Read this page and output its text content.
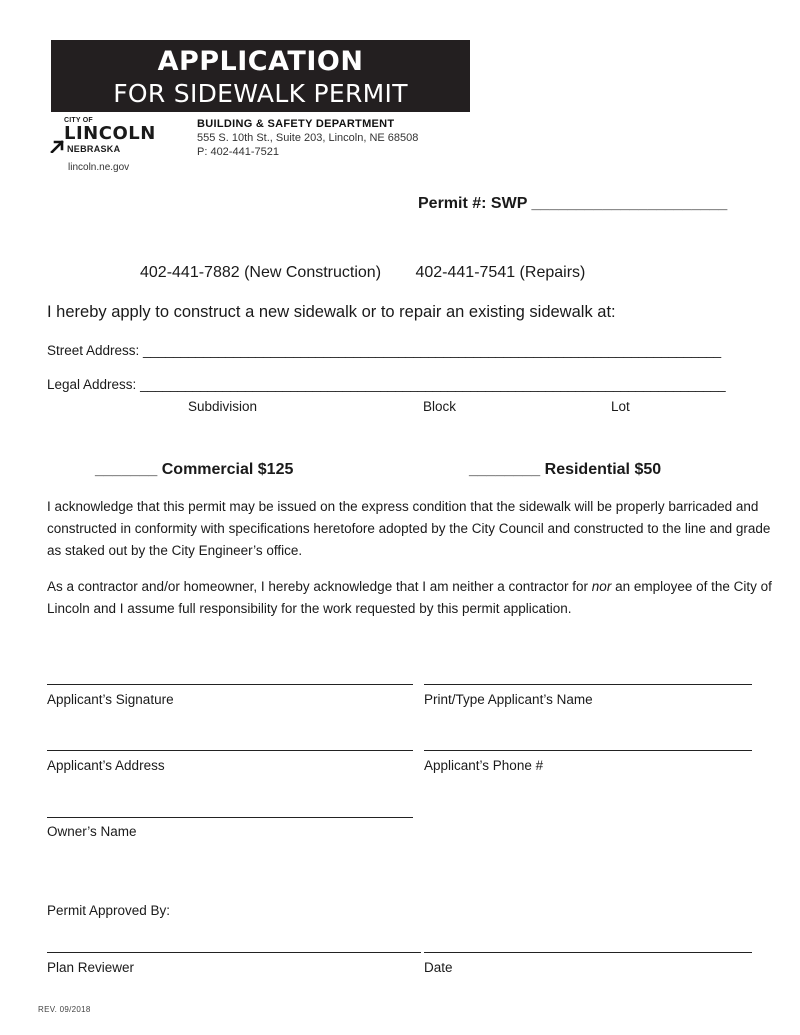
APPLICATION
FOR SIDEWALK PERMIT
CITY OF
LINCOLN
NEBRASKA
lincoln.ne.gov
BUILDING & SAFETY DEPARTMENT
555 S. 10th St., Suite 203, Lincoln, NE 68508
P: 402-441-7521
Permit #: SWP ______________________
402-441-7882 (New Construction) 402-441-7541 (Repairs)
I hereby apply to construct a new sidewalk or to repair an existing sidewalk at:
Street Address: _____________________________________________________________________________
Legal Address: ______________________________________________________________________________
Subdivision	Block	Lot
_______ Commercial $125	________ Residential $50
I acknowledge that this permit may be issued on the express condition that the sidewalk will be properly barricaded and constructed in conformity with specifications heretofore adopted by the City Council and constructed to the line and grade as staked out by the City Engineer’s office.
As a contractor and/or homeowner, I hereby acknowledge that I am neither a contractor for nor an employee of the City of Lincoln and I assume full responsibility for the work requested by this permit application.
Applicant’s Signature	Print/Type Applicant’s Name
Applicant’s Address	Applicant’s Phone #
Owner’s Name
Permit Approved By:
Plan Reviewer	Date
REV. 09/2018
